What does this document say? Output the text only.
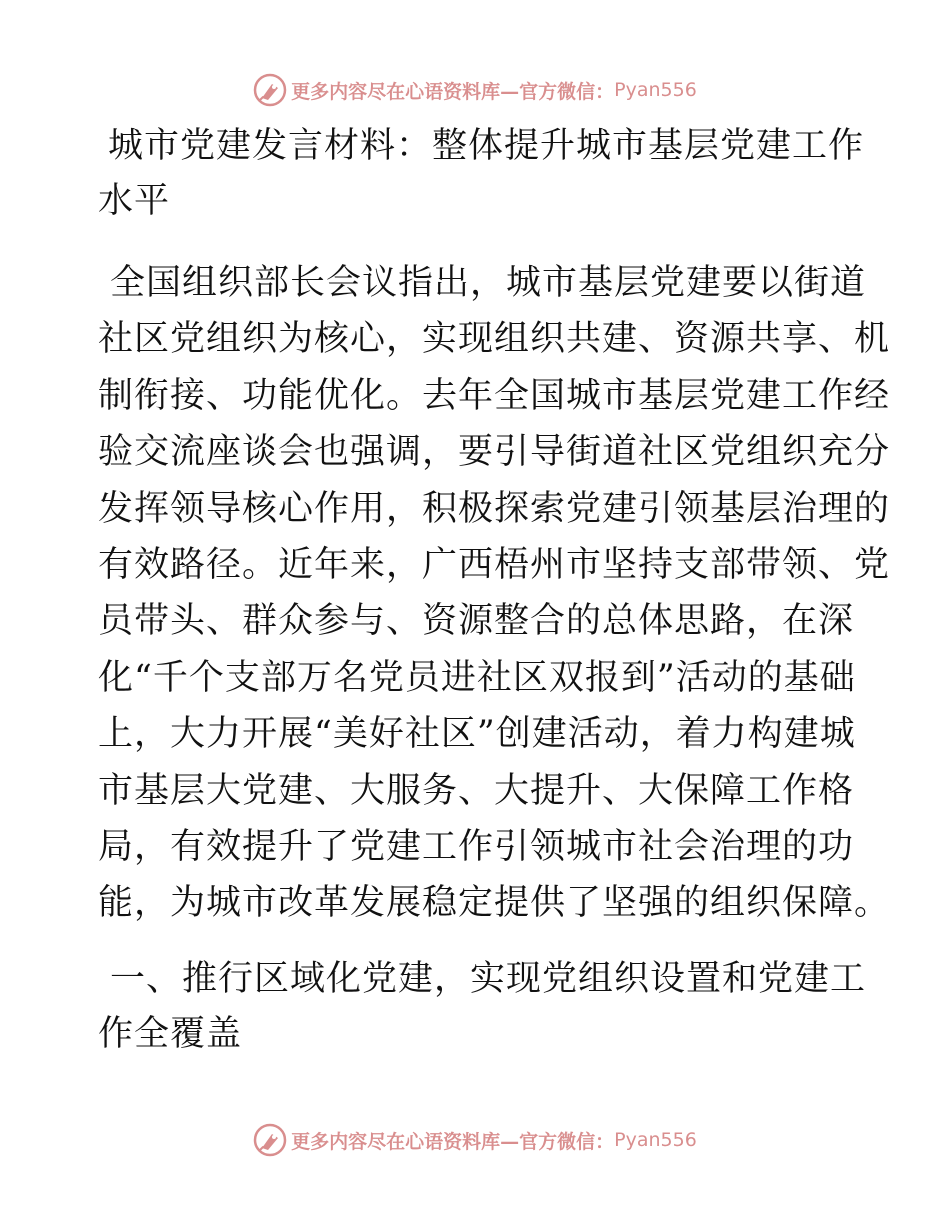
更多内容尽在心语资料库—官方微信： Pyan556
城市党建发言材料：整体提升城市基层党建工作
水平

全国组织部长会议指出，城市基层党建要以街道
社区党组织为核心，实现组织共建、资源共享、机
制衔接、功能优化。去年全国城市基层党建工作经
验交流座谈会也强调，要引导街道社区党组织充分
发挥领导核心作用，积极探索党建引领基层治理的
有效路径。近年来，广西梧州市坚持支部带领、党
员带头、群众参与、资源整合的总体思路，在深
化“千个支部万名党员进社区双报到”活动的基础
上，大力开展“美好社区”创建活动，着力构建城
市基层大党建、大服务、大提升、大保障工作格
局，有效提升了党建工作引领城市社会治理的功
能，为城市改革发展稳定提供了坚强的组织保障。

一、推行区域化党建，实现党组织设置和党建工
作全覆盖
更多内容尽在心语资料库—官方微信： Pyan556
